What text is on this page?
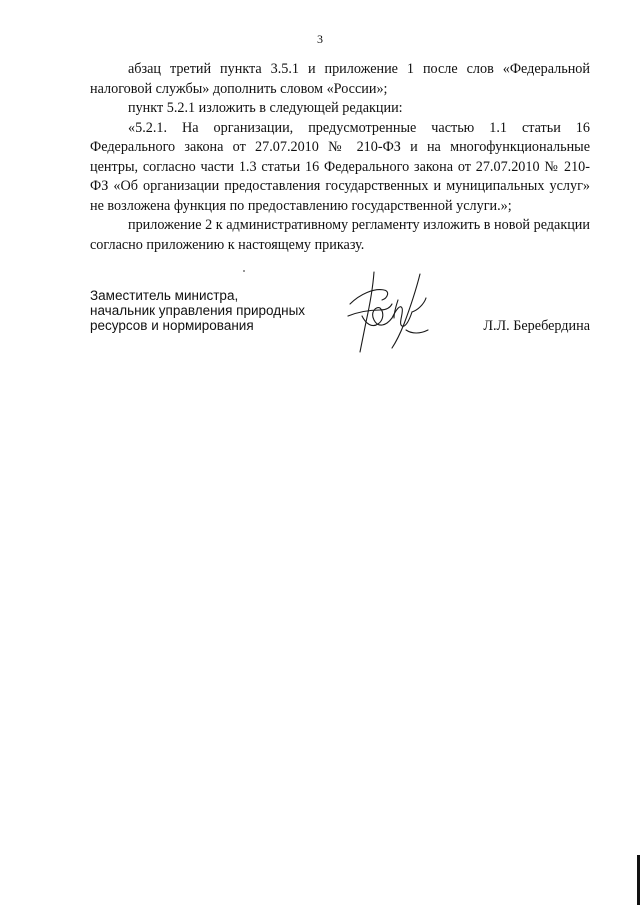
3

абзац третий пункта 3.5.1 и приложение 1 после слов «Федеральной налоговой службы» дополнить словом «России»;

пункт 5.2.1 изложить в следующей редакции:

«5.2.1. На организации, предусмотренные частью 1.1 статьи 16 Федерального закона от 27.07.2010 № 210-ФЗ и на многофункциональные центры, согласно части 1.3 статьи 16 Федерального закона от 27.07.2010 № 210-ФЗ «Об организации предоставления государственных и муниципальных услуг» не возложена функция по предоставлению государственной услуги.»;

приложение 2 к административному регламенту изложить в новой редакции согласно приложению к настоящему приказу.

Заместитель министра,
начальник управления природных
ресурсов и нормирования	Л.Л. Беребердина
